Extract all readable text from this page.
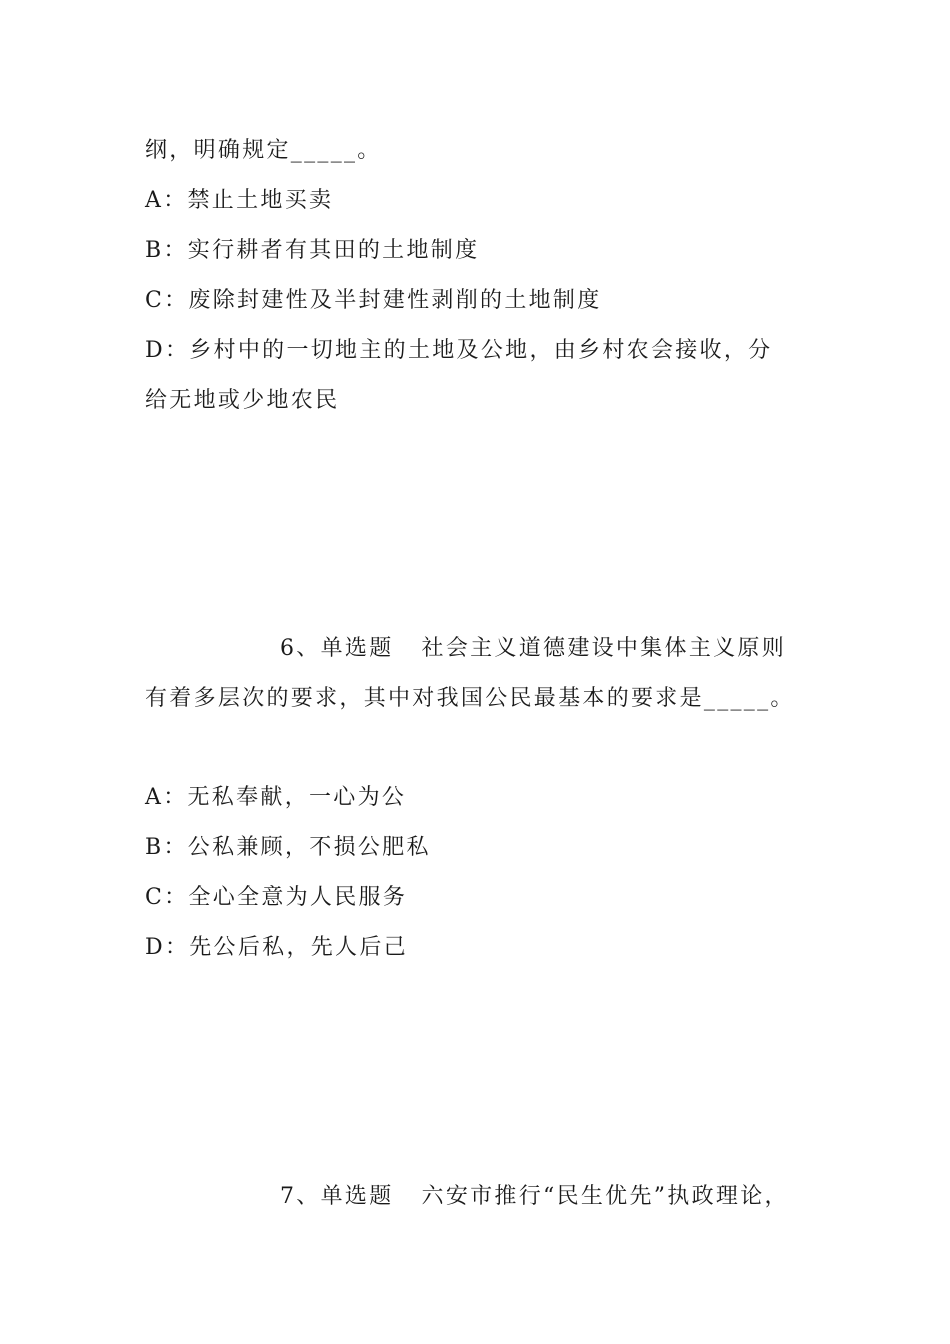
纲，明确规定_____。
A：禁止土地买卖
B：实行耕者有其田的土地制度
C：废除封建性及半封建性剥削的土地制度
D：乡村中的一切地主的土地及公地，由乡村农会接收，分
给无地或少地农民
6、单选题 社会主义道德建设中集体主义原则
有着多层次的要求，其中对我国公民最基本的要求是_____。
A：无私奉献，一心为公
B：公私兼顾，不损公肥私
C：全心全意为人民服务
D：先公后私，先人后己
7、单选题 六安市推行“民生优先”执政理论，
